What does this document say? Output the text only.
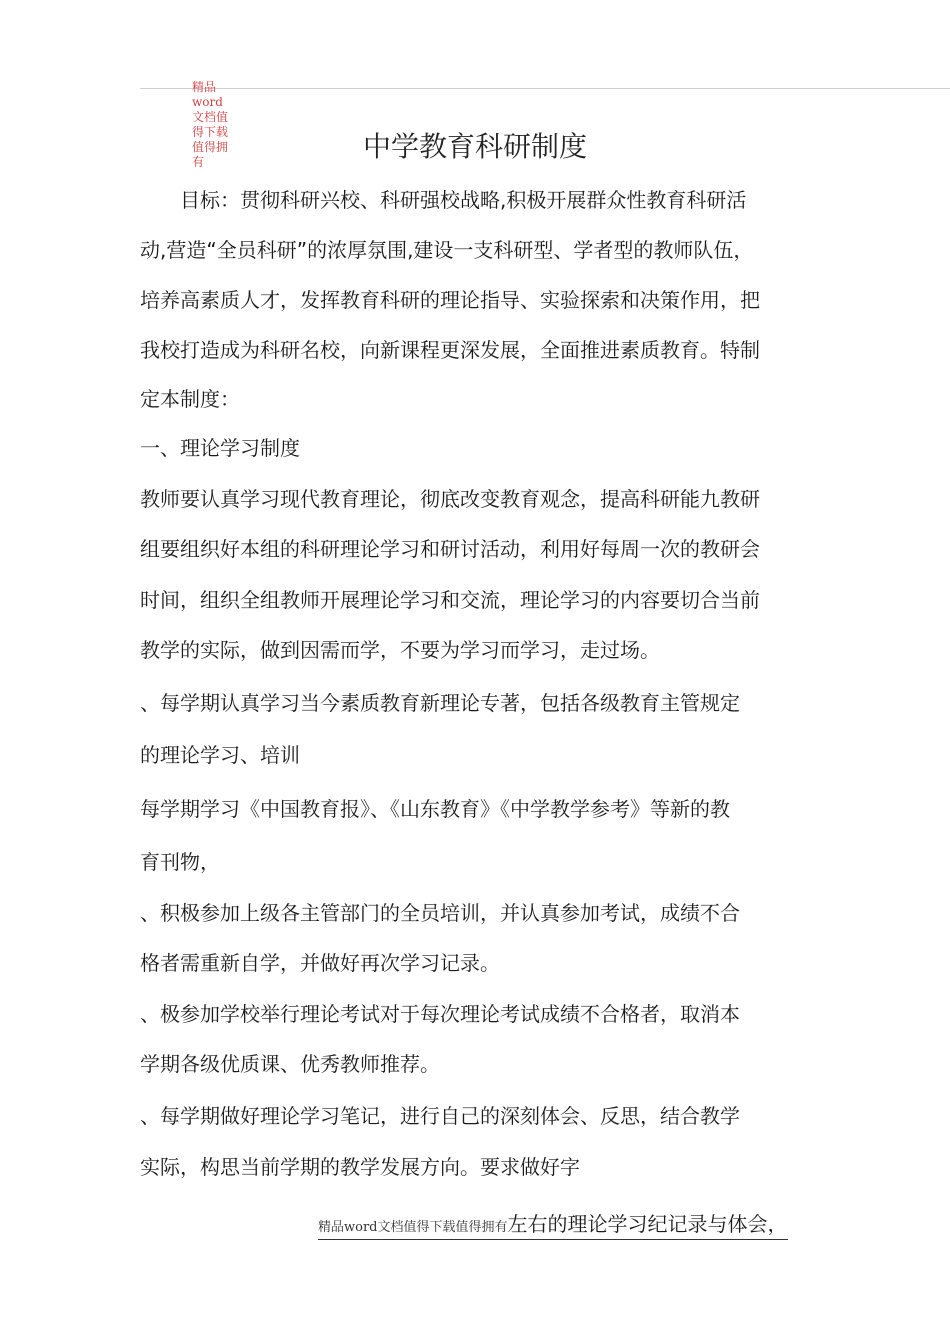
精品
word
文档值
得下载
值得拥
有	中学教育科研制度
　　目标：贯彻科研兴校、科研强校战略,积极开展群众性教育科研活
动,营造“全员科研”的浓厚氛围,建设一支科研型、学者型的教师队伍，
培养高素质人才，发挥教育科研的理论指导、实验探索和决策作用，把
我校打造成为科研名校，向新课程更深发展，全面推进素质教育。特制
定本制度：
一、理论学习制度
教师要认真学习现代教育理论，彻底改变教育观念，提高科研能九教研
组要组织好本组的科研理论学习和研讨活动，利用好每周一次的教研会
时间，组织全组教师开展理论学习和交流，理论学习的内容要切合当前
教学的实际，做到因需而学，不要为学习而学习，走过场。
、每学期认真学习当今素质教育新理论专著，包括各级教育主管规定
的理论学习、培训
每学期学习《中国教育报》、《山东教育》《中学教学参考》等新的教
育刊物，
、积极参加上级各主管部门的全员培训，并认真参加考试，成绩不合
格者需重新自学，并做好再次学习记录。
、极参加学校举行理论考试对于每次理论考试成绩不合格者，取消本
学期各级优质课、优秀教师推荐。
、每学期做好理论学习笔记，进行自己的深刻体会、反思，结合教学
实际，构思当前学期的教学发展方向。要求做好字
精品word文档值得下载值得拥有左右的理论学习纪记录与体会，
